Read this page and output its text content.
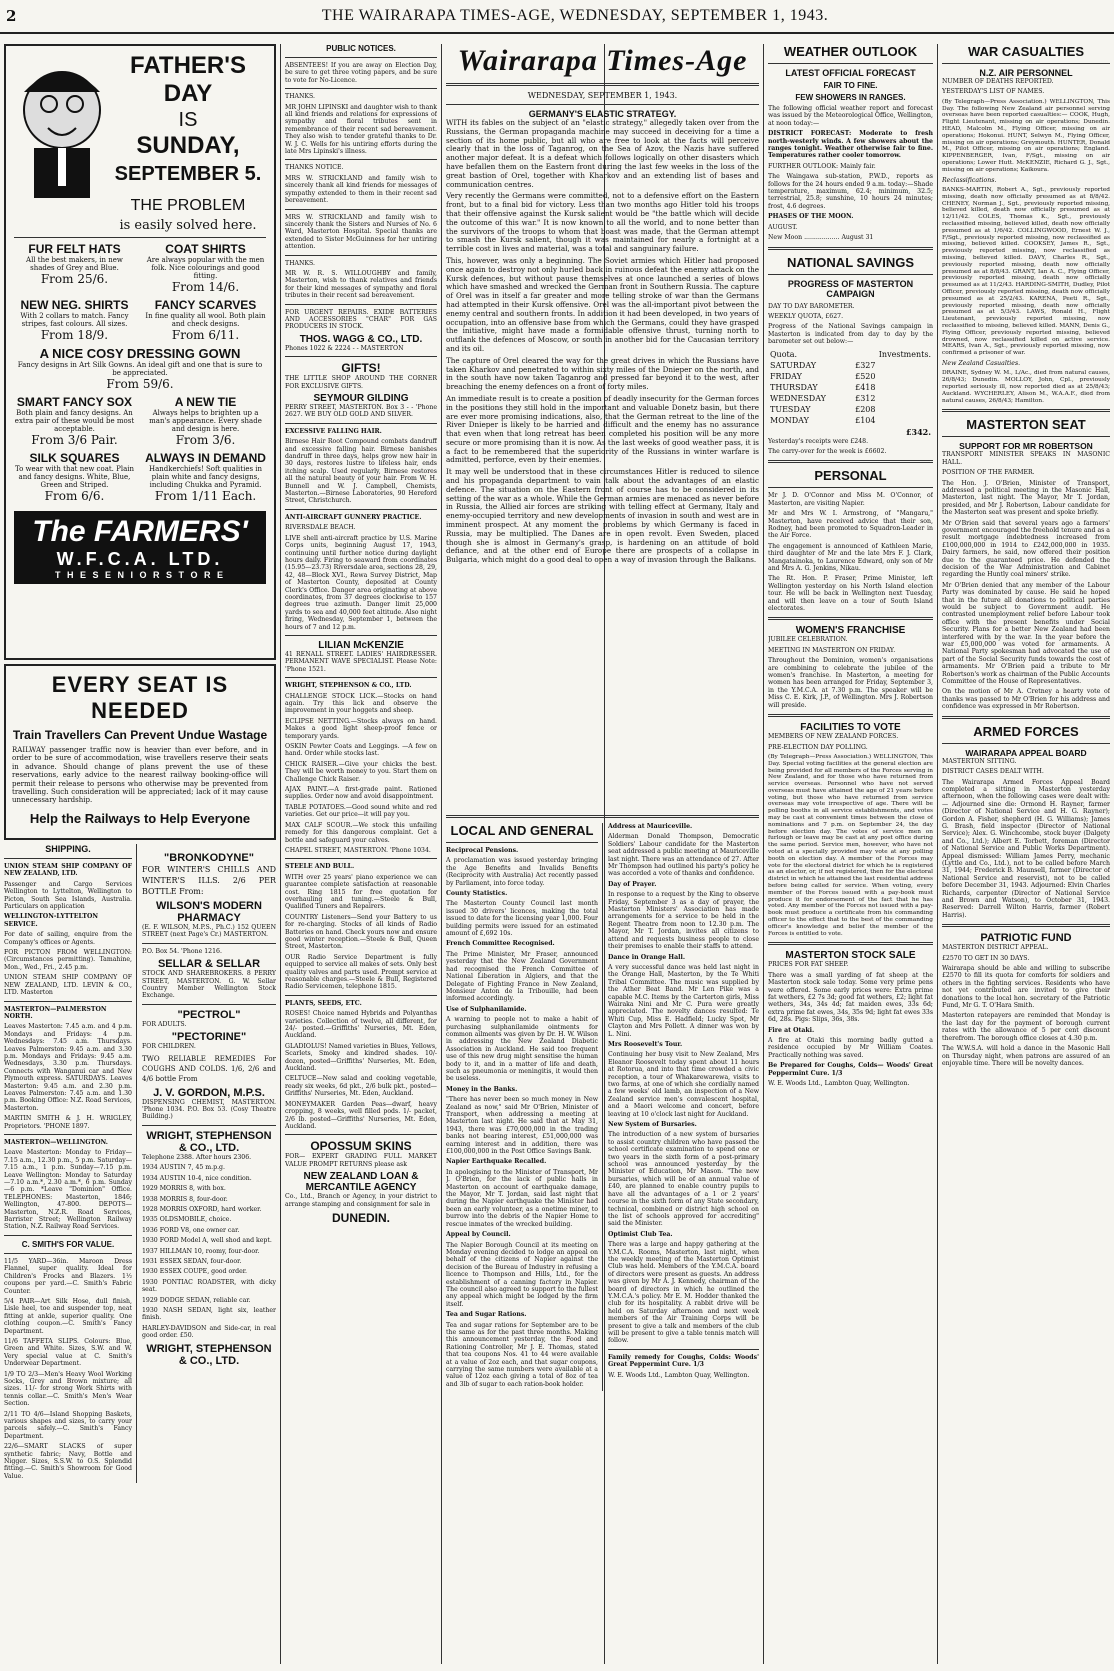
2	THE WAIRARAPA TIMES-AGE, WEDNESDAY, SEPTEMBER 1, 1943.
FATHER'S
DAY
IS
SUNDAY,
SEPTEMBER 5.
THE PROBLEM
is easily solved here.
FUR FELT HATS
All the best makers, in new shades of Grey and Blue.
From 25/6.
COAT SHIRTS
Are always popular with the men folk. Nice colourings and good fitting.
From 14/6.
NEW NEG. SHIRTS
With 2 collars to match. Fancy stripes, fast colours. All sizes.
From 18/9.
FANCY SCARVES
In fine quality all wool. Both plain and check designs.
From 6/11.
A NICE COSY DRESSING GOWN
Fancy designs in Art Silk Gowns. An ideal gift and one that is sure to be appreciated.
From 59/6.
SMART FANCY SOX
Both plain and fancy designs. An extra pair of these would be most acceptable.
From 3/6 Pair.
A NEW TIE
Always helps to brighten up a man's appearance. Every shade and design is here.
From 3/6.
SILK SQUARES
To wear with that new coat. Plain and fancy designs. White, Blue, Green and Striped.
From 6/6.
ALWAYS IN DEMAND
Handkerchiefs! Soft qualities in plain white and fancy designs, including Chukka and Pyramid.
From 1/11 Each.
The FARMERS'
W.F.C.A. LTD.
T H E S E N I O R S T O R E
EVERY SEAT IS NEEDED
Train Travellers Can Prevent Undue Wastage
RAILWAY passenger traffic now is heavier than ever before, and in order to be sure of accommodation, wise travellers reserve their seats in advance. Should change of plans prevent the use of these reservations, early advice to the nearest railway booking-office will permit their release to persons who otherwise may be prevented from travelling. Such consideration will be appreciated; lack of it may cause unnecessary hardship.
Help the Railways to Help Everyone
SHIPPING.

UNION STEAM SHIP COMPANY OF NEW ZEALAND, LTD.

Passenger and Cargo Services Wellington to Lyttelton, Wellington to Picton, South Sea Islands, Australia. Particulars on application

WELLINGTON-LYTTELTON SERVICE.

For date of sailing, enquire from the Company's offices or Agents.

FOR PICTON FROM WELLINGTON: (Circumstances permitting). Tamahine, Mon., Wed., Fri., 2.45 p.m.

UNION STEAM SHIP COMPANY OF NEW ZEALAND, LTD. LEVIN & CO., LTD. Masterton

MASTERTON—PALMERSTON NORTH.

Leaves Masterton: 7.45 a.m. and 4 p.m. Mondays and Fridays: 4 p.m. Wednesdays: 7.45 a.m. Thursdays. Leaves Palmerston: 9.45 a.m. and 3.30 p.m. Mondays and Fridays: 9.45 a.m. Wednesdays, 3.30 p.m. Thursdays. Connects with Wanganui car and New Plymouth express. SATURDAYS. Leaves Masterton: 9.45 a.m. and 2.30 p.m. Leaves Palmerston: 7.45 a.m. and 1.30 p.m. Booking Office: N.Z. Road Services, Masterton.

MARTIN SMITH & J. H. WRIGLEY, Proprietors. 'PHONE 1897.

MASTERTON—WELLINGTON.

Leave Masterton: Monday to Friday—7.15 a.m., 12.30 p.m., 5 p.m. Saturday—7.15 a.m., 1 p.m. Sunday—7.15 p.m. Leave Wellington: Monday to Saturday—7.10 a.m.*, 2.30 a.m.*, 6 p.m. Sunday—6 p.m. *Leave "Dominion" Office. TELEPHONES: Masterton, 1846; Wellington, 47-800. DEPOTS—Masterton, N.Z.R. Road Services, Barrister Street; Wellington Railway Station, N.Z. Railway Road Services.

C. SMITH'S FOR VALUE.

11/5 YARD—36in. Maroon Dress Flannel, super quality. Ideal for Children's Frocks and Blazers. 1½ coupons per yard.—C. Smith's Fabric Counter.

5/4 PAIR—Art Silk Hose, dull finish, Lisle heel, toe and suspender top, neat fitting at ankle, superior quality. One clothing coupon.—C. Smith's Fancy Department.

11/6 TAFFETA SLIPS. Colours: Blue, Green and White. Sizes, S.W. and W. Very special value at C. Smith's Underwear Department.

1/9 TO 2/3—Men's Heavy Wool Working Socks, Grey and Brown mixture; all sizes. 11/- for strong Work Shirts with tennis collar.—C. Smith's Men's Wear Section.

2/11 TO 4/6—Island Shopping Baskets, various shapes and sizes, to carry your parcels safely.—C. Smith's Fancy Department.

22/6—SMART SLACKS of super synthetic fabric; Navy, Bottle and Nigger. Sizes, S.S.W. to O.S. Splendid fitting.—C. Smith's Showroom for Good Value.

"BRONKODYNE"

FOR WINTER'S CHILLS AND WINTER'S ILLS. 2/6 PER BOTTLE From:

WILSON'S MODERN PHARMACY

(E. F. WILSON, M.P.S., Ph.C.) 152 QUEEN STREET (next Page's Cr.) MASTERTON.

P.O. Box 54. 'Phone 1216.

SELLAR & SELLAR

STOCK AND SHAREBROKERS. 8 PERRY STREET, MASTERTON. G. W. Sellar Country Member Wellington Stock Exchange.

"PECTROL"

FOR ADULTS.

"PECTORINE"

FOR CHILDREN.

TWO RELIABLE REMEDIES For COUGHS AND COLDS. 1/6, 2/6 and 4/6 bottle From

J. V. GORDON, M.P.S.

DISPENSING CHEMIST, MASTERTON. 'Phone 1034. P.O. Box 53. (Cosy Theatre Building.)

WRIGHT, STEPHENSON & CO., LTD.

Telephone 2388. After hours 2306.

1934 AUSTIN 7, 45 m.p.g.

1934 AUSTIN 10-4, nice condition.

1929 MORRIS 8, with box.

1938 MORRIS 8, four-door.

1928 MORRIS OXFORD, hard worker.

1935 OLDSMOBILE, choice.

1936 FORD V8, one owner car.

1930 FORD Model A, well shod and kept.

1937 HILLMAN 10, roomy, four-door.

1931 ESSEX SEDAN, four-door.

1930 ESSEX COUPE, good order.

1930 PONTIAC ROADSTER, with dicky seat.

1929 DODGE SEDAN, reliable car.

1930 NASH SEDAN, light six, leather finish.

HARLEY-DAVIDSON and Side-car, in real good order. £50.

WRIGHT, STEPHENSON & CO., LTD.
PUBLIC NOTICES.

ABSENTEES! If you are away on Election Day, be sure to get three voting papers, and be sure to vote for No-Licence.

THANKS.

MR JOHN LIPINSKI and daughter wish to thank all kind friends and relations for expressions of sympathy and floral tributes sent in remembrance of their recent sad bereavement. They also wish to tender grateful thanks to Dr. W. J. C. Wells for his untiring efforts during the late Mrs Lipinski's illness.

THANKS NOTICE.

MRS W. STRICKLAND and family wish to sincerely thank all kind friends for messages of sympathy extended to them in their recent sad bereavement.

MRS W. STRICKLAND and family wish to sincerely thank the Sisters and Nurses of No. 6 Ward, Masterton Hospital. Special thanks are extended to Sister McGuinness for her untiring attention.

THANKS.

MR W. R. S. WILLOUGHBY and family, Masterton, wish to thank relatives and friends for their kind messages of sympathy and floral tributes in their recent sad bereavement.

FOR URGENT REPAIRS. EXIDE BATTERIES AND ACCESSORIES "CHAR" FOR GAS PRODUCERS IN STOCK.

THOS. WAGG & CO., LTD.

Phones 1022 & 2224 - - MASTERTON

GIFTS!

THE LITTLE SHOP AROUND THE CORNER FOR EXCLUSIVE GIFTS.

SEYMOUR GILDING

PERRY STREET, MASTERTON. Box 3 - - 'Phone 2627. WE BUY OLD GOLD AND SILVER.

EXCESSIVE FALLING HAIR.

Birnese Hair Root Compound combats dandruff and excessive falling hair. Birnese banishes dandruff in three days, helps grow new hair in 30 days, restores lustre to lifeless hair, ends itching scalp. Used regularly, Birnese restores all the natural beauty of your hair. From W. H. Bunnell and W. J. Campbell, Chemists, Masterton.—Birnese Laboratories, 90 Hereford Street, Christchurch.

ANTI-AIRCRAFT GUNNERY PRACTICE.

RIVERSDALE BEACH.

LIVE shell anti-aircraft practice by U.S. Marine Corps units, beginning August 17, 1943, continuing until further notice during daylight hours daily. Firing to seaward from coordinates (15.95—23.73) Riversdale area, sections 28, 29, 42, 48—Block XVI., Rewa Survey District, Map of Masterton County, deposited at County Clerk's Office. Danger area originating at above coordinates, from 37 degrees clockwise to 157 degrees true azimuth. Danger limit 25,000 yards to sea and 40,000 feet altitude. Also night firing, Wednesday, September 1, between the hours of 7 and 12 p.m.

LILIAN McKENZIE

41 RENALL STREET. LADIES' HAIRDRESSER. PERMANENT WAVE SPECIALIST. Please Note: 'Phone 1521.

WRIGHT, STEPHENSON & CO., LTD.

CHALLENGE STOCK LICK.—Stocks on hand again. Try this lick and observe the improvement in your hoggets and sheep.

ECLIPSE NETTING.—Stocks always on hand. Makes a good light sheep-proof fence or temporary yards.

OSKIN Pewter Coats and Leggings. —A few on hand. Order while stocks last.

CHICK RAISER.—Give your chicks the best. They will be worth money to you. Start them on Challenge Chick Raiser.

AJAX PAINT.—A first-grade paint. Rationed supplies. Order now and avoid disappointment.

TABLE POTATOES.—Good sound white and red varieties. Get our price—it will pay you.

MAX CALF SCOUR.—We stock this unfailing remedy for this dangerous complaint. Get a bottle and safeguard your calves.

CHAPEL STREET, MASTERTON. 'Phone 1034.

STEELE AND BULL.

WITH over 25 years' piano experience we can guarantee complete satisfaction at reasonable cost. Ring 1815 for free quotation for overhauling and tuning.—Steele & Bull, Qualified Tuners and Repairers.

COUNTRY Listeners—Send your Battery to us for re-charging. Stocks of all kinds of Radio Batteries on hand. Check yours now and ensure good winter reception.—Steele & Bull, Queen Street, Masterton.

OUR Radio Service Department is fully equipped to service all makes of sets. Only best quality valves and parts used. Prompt service at reasonable charges.—Steele & Bull, Registered Radio Servicemen, telephone 1815.

PLANTS, SEEDS, ETC.

ROSES! Choice named Hybrids and Polyanthas varieties. Collection of twelve, all different, for 24/- posted.—Griffiths' Nurseries, Mt. Eden, Auckland.

GLADIOLUS! Named varieties in Blues, Yellows, Scarlets, Smoky and kindred shades. 10/- dozen, posted—Griffiths' Nurseries, Mt. Eden, Auckland.

CELTUCE—New salad and cooking vegetable, ready six weeks, 6d pkt., 2/6 bulk pkt., posted—Griffiths' Nurseries, Mt. Eden, Auckland.

MONEYMAKER Garden Peas—dwarf, heavy cropping, 8 weeks, well filled pods. 1/- packet, 2/6 lb. posted—Griffiths' Nurseries, Mt. Eden, Auckland.

OPOSSUM SKINS

FOR— EXPERT GRADING FULL MARKET VALUE PROMPT RETURNS please ask

NEW ZEALAND LOAN & MERCANTILE AGENCY

Co., Ltd., Branch or Agency, in your district to arrange stamping and consignment for sale in

DUNEDIN.
Wairarapa Times-Age
WEDNESDAY, SEPTEMBER 1, 1943.
GERMANY'S ELASTIC STRATEGY.

WITH its fables on the subject of an "elastic strategy," allegedly taken over from the Russians, the German propaganda machine may succeed in deceiving for a time a section of its home public, but all who are free to look at the facts will perceive clearly that in the loss of Taganrog, on the Sea of Azov, the Nazis have suffered another major defeat. It is a defeat which follows logically on other disasters which have befallen them on the Eastern front during the last few weeks in the loss of the great bastion of Orel, together with Kharkov and an extending list of bases and communication centres.

Very recently the Germans were committed, not to a defensive effort on the Eastern front, but to a final bid for victory. Less than two months ago Hitler told his troops that their offensive against the Kursk salient would be "the battle which will decide the outcome of this war." It is now known to all the world, and to none better than the survivors of the troops to whom that boast was made, that the German attempt to smash the Kursk salient, though it was maintained for nearly a fortnight at a terrible cost in lives and material, was a total and sanguinary failure.

This, however, was only a beginning. The Soviet armies which Hitler had proposed once again to destroy not only hurled back in ruinous defeat the enemy attack on the Kursk defences, but without pause themselves at once launched a series of blows which have smashed and wrecked the German front in Southern Russia. The capture of Orel was in itself a far greater and more telling stroke of war than the Germans had attempted in their Kursk offensive. Orel was the all-important pivot between the enemy central and southern fronts. In addition it had been developed, in two years of occupation, into an offensive base from which the Germans, could they have grasped the initiative, might have made a formidable offensive thrust, turning north to outflank the defences of Moscow, or south in another bid for the Caucasian territory and its oil.

The capture of Orel cleared the way for the great drives in which the Russians have taken Kharkov and penetrated to within sixty miles of the Dnieper on the north, and in the south have now taken Taganrog and pressed far beyond it to the west, after breaching the enemy defences on a front of forty miles.

An immediate result is to create a position of deadly insecurity for the German forces in the positions they still hold in the important and valuable Donetz basin, but there are ever more promising indications, also, that the German retreat to the line of the River Dnieper is likely to be harried and difficult and the enemy has no assurance that even when that long retreat has been completed his position will be any more secure or more promising than it is now. As the last weeks of good weather pass, it is a fact to be remembered that the superiority of the Russians in winter warfare is admitted, perforce, even by their enemies.

It may well be understood that in these circumstances Hitler is reduced to silence and his propaganda department to vain talk about the advantages of an elastic defence. The situation on the Eastern front of course has to be considered in its setting of the war as a whole. While the German armies are menaced as never before in Russia, the Allied air forces are striking with telling effect at Germany, Italy and enemy-occupied territory and new developments of invasion in south and west are in imminent prospect. At any moment the problems by which Germany is faced in Russia, may be multiplied. The Danes are in open revolt. Even Sweden, placed though she is almost in Germany's grasp, is hardening on an attitude of bold defiance, and at the other end of Europe there are prospects of a collapse in Bulgaria, which might do a good deal to open a way of invasion through the Balkans.

LOCAL AND GENERAL

Reciprocal Pensions.

A proclamation was issued yesterday bringing the Age Benefits and Invalids Benefits (Reciprocity with Australia) Act recently passed by Parliament, into force today.

County Statistics.

The Masterton County Council last month issued 30 drivers' licences, making the total issued to date for the licensing year 1,000. Four building permits were issued for an estimated amount of £,692 10s.

French Committee Recognised.

The Prime Minister, Mr Fraser, announced yesterday that the New Zealand Government had recognised the French Committee of National Liberation in Algiers, and that the Delegate of Fighting France in New Zealand, Monsieur Anton de la Tribouille, had been informed accordingly.

Use of Sulphanilamide.

A warning to people not to make a habit of purchasing sulphanilamide ointments for common ailments was given by Dr. H. W. Wilson in addressing the New Zealand Diabetic Association in Auckland. He said too frequent use of this new drug might sensitise the human body to it, and in a matter of life and death, such as pneumonia or meningitis, it would then be useless.

Money in the Banks.

"There has never been so much money in New Zealand as now," said Mr O'Brien, Minister of Transport, when addressing a meeting at Masterton last night. He said that at May 31, 1943, there was £70,000,000 in the trading banks not bearing interest, £51,000,000 was earning interest and in addition, there was £100,000,000 in the Post Office Savings Bank.

Napier Earthquake Recalled.

In apologising to the Minister of Transport, Mr J. O'Brien, for the lack of public halls in Masterton on account of earthquake damage, the Mayor, Mr T. Jordan, said last night that during the Napier earthquake the Minister had been an early volunteer, as a onetime miner, to burrow into the debris of the Napier Home to rescue inmates of the wrecked building.

Appeal by Council.

The Napier Borough Council at its meeting on Monday evening decided to lodge an appeal on behalf of the citizens of Napier against the decision of the Bureau of Industry in refusing a licence to Thompson and Hills, Ltd., for the establishment of a canning factory in Napier. The council also agreed to support to the fullest any appeal which might be lodged by the firm itself.

Tea and Sugar Rations.

Tea and sugar rations for September are to be the same as for the past three months. Making this announcement yesterday, the Food and Rationing Controller, Mr J. E. Thomas, stated that tea coupons Nos. 41 to 44 were available at a value of 2oz each, and that sugar coupons, carrying the same numbers were available at a value of 12oz each giving a total of 8oz of tea and 3lb of sugar to each ration-book holder.

Address at Mauriceville.

Alderman Donald Thompson, Democratic Soldiers' Labour candidate for the Masterton seat addressed a public meeting at Mauriceville last night. There was an attendance of 27. After Mr Thompson had outlined his party's policy he was accorded a vote of thanks and confidence.

Day of Prayer.

In response to a request by the King to observe Friday, September 3 as a day of prayer, the Masterton Ministers' Association has made arrangements for a service to be held in the Regent Theatre from noon to 12.30 p.m. The Mayor, Mr T. Jordan, invites all citizens to attend and requests business people to close their premises to enable their staffs to attend.

Dance in Orange Hall.

A very successful dance was held last night in the Orange Hall, Masterton, by the Te Whiti Tribal Committee. The music was supplied by the Ather Beat Band. Mr Len Pike was a capable M.C. Items by the Carterton girls, Miss Wairaka Nini and Mr C. Pura were greatly appreciated. The novelty dances resulted: Te Whiti Cup, Miss E. Hadfield; Lucky Spot, Mr Clayton and Mrs Pollett. A dinner was won by L. Nini.

Mrs Roosevelt's Tour.

Continuing her busy visit to New Zealand, Mrs Eleanor Roosevelt today spent about 11 hours at Rotorua, and into that time crowded a civic reception, a tour of Whakarewarewa, visits to two farms, at one of which she cordially named a few weeks' old lamb, an inspection of a New Zealand service men's convalescent hospital, and a Maori welcome and concert, before leaving at 10 o'clock last night for Auckland.

New System of Bursaries.

The introduction of a new system of bursaries to assist country children who have passed the school certificate examination to spend one or two years in the sixth form of a post-primary school was announced yesterday by the Minister of Education, Mr Mason. "The new bursaries, which will be of an annual value of £40, are planned to enable country pupils to have all the advantages of a 1 or 2 years' course in the sixth form of any State secondary, technical, combined or district high school on the list of schools approved for accrediting" said the Minister.

Optimist Club Tea.

There was a large and happy gathering at the Y.M.C.A. Rooms, Masterton, last night, when the weekly meeting of the Masterton Optimist Club was held. Members of the Y.M.C.A. board of directors were present as guests. An address was given by Mr A. J. Kennedy, chairman of the board of directors in which he outlined the Y.M.C.A.'s policy. Mr E. M. Hodder thanked the club for its hospitality. A rabbit drive will be held on Saturday afternoon and next week members of the Air Training Corps will be present to give a talk and members of the club will be present to give a table tennis match will follow.

Family remedy for Coughs, Colds: Woods' Great Peppermint Cure. 1/3

W. E. Woods Ltd., Lambton Quay, Wellington.

WEATHER OUTLOOK
LATEST OFFICIAL FORECAST
FAIR TO FINE.
FEW SHOWERS IN RANGES.

The following official weather report and forecast was issued by the Meteorological Office, Wellington, at noon today:—

DISTRICT FORECAST: Moderate to fresh north-westerly winds. A few showers about the ranges tonight. Weather otherwise fair to fine. Temperatures rather cooler tomorrow.

FURTHER OUTLOOK: Mainly fair.

The Waingawa sub-station, P.W.D., reports as follows for the 24 hours ended 9 a.m. today:—Shade temperature, maximum, 62.4; minimum, 32.5; terrestrial, 25.8; sunshine, 10 hours 24 minutes; frost, 4.6 degrees.

PHASES OF THE MOON.

AUGUST.

New Moon .................. August 31

NATIONAL SAVINGS
PROGRESS OF MASTERTON CAMPAIGN

DAY TO DAY BAROMETER.

WEEKLY QUOTA, £627.

Progress of the National Savings campaign in Masterton is indicated from day to day by the barometer set out below:—

Quota.	Investments.
SATURDAY	£327
FRIDAY	£520
THURSDAY	£418
WEDNESDAY	£312
TUESDAY	£208
MONDAY	£104
	£342.

Yesterday's receipts were £248.

The carry-over for the week is £6602.

PERSONAL

Mr J. D. O'Connor and Miss M. O'Connor, of Masterton, are visiting Napier.

Mr and Mrs W. I. Armstrong, of "Mangaru," Masterton, have received advice that their son, Rodney, had been promoted to Squadron-Leader in the Air Force.

The engagement is announced of Kathleen Marie, third daughter of Mr and the late Mrs F. J. Clark, Mangatainoka, to Laurence Edward, only son of Mr and Mrs A. G. Jenkins, Nikau.

The Rt. Hon. P. Fraser, Prime Minister, left Wellington yesterday on his North Island election tour. He will be back in Wellington next Tuesday, and will then leave on a tour of South Island electorates.

WOMEN'S FRANCHISE

JUBILEE CELEBRATION.

MEETING IN MASTERTON ON FRIDAY.

Throughout the Dominion, women's organisations are combining to celebrate the jubilee of the women's franchise. In Masterton, a meeting for women has been arranged for Friday, September 3, in the Y.M.C.A. at 7.30 p.m. The speaker will be Miss C. E. Kirk, J.P., of Wellington. Mrs J. Robertson will preside.

FACILITIES TO VOTE

MEMBERS OF NEW ZEALAND FORCES.

PRE-ELECTION DAY POLLING.

(By Telegraph—Press Association.) WELLINGTON, This Day. Special voting facilities at the general election are being provided for all members of the Forces serving in New Zealand, and for those who have returned from service overseas. Personnel who have not served overseas must have attained the age of 21 years before voting, but those who have returned from service overseas may vote irrespective of age. There will be polling booths in all service establishments, and votes may be cast at convenient times between the close of nominations and 7 p.m. on September 24, the day before election day. The votes of service men on furlough or leave may be cast at any post office during the same period. Service men, however, who have not voted at a specially provided may vote at any polling booth on election day. A member of the Forces may vote for the electoral district for which he is registered as an elector, or, if not registered, then for the electoral district in which he attained the last residential address before being called for service. When voting, every member of the Forces issued with a pay-book must produce it for endorsement of the fact that he has voted. Any member of the Forces not issued with a pay-book must produce a certificate from his commanding officer to the effect that to the best of the commanding officer's knowledge and belief the member of the Forces is entitled to vote.

MASTERTON STOCK SALE

PRICES FOR FAT SHEEP.

There was a small yarding of fat sheep at the Masterton stock sale today. Some very prime pens were offered. Some early prices were: Extra prime fat wethers, £2 7s 3d; good fat wethers, £2; light fat wethers, 34s, 34s 4d; fat maiden ewes, 33s 6d; extra prime fat ewes, 34s, 35s 9d; light fat ewes 33s 6d, 28s. Pigs: Slips, 36s, 38s.

Fire at Otaki.

A fire at Otaki this morning badly gutted a residence occupied by Mr William Coates. Practically nothing was saved.

Be Prepared for Coughs, Colds— Woods' Great Peppermint Cure. 1/3

W. E. Woods Ltd., Lambton Quay, Wellington.

WAR CASUALTIES
N.Z. AIR PERSONNEL

NUMBER OF DEATHS REPORTED.

YESTERDAY'S LIST OF NAMES.

(By Telegraph—Press Association.) WELLINGTON, This Day. The following New Zealand air personnel serving overseas have been reported casualties:— COOK, Hugh, Flight Lieutenant, missing on air operations; Dunedin. HEAD, Malcolm M., Flying Officer, missing on air operations; Hokonui. HUNT, Selwyn M., Flying Officer, missing on air operations; Greymouth. HUNTER, Donald M., Pilot Officer, missing on air operations; England. KIPPENBERGER, Ivan, F/Sgt., missing on air operations; Lower Hutt. McKENZIE, Richard G. J., Sgt., missing on air operations; Kaikoura.

Reclassifications.

BANKS-MARTIN, Robert A., Sgt., previously reported missing, death now officially presumed as at 8/8/42. CHENEY, Norman J., Sgt., previously reported missing, believed killed, death now officially presumed as at 12/11/42. COLES, Thomas K., Sgt., previously reclassified missing, believed killed, death now officially presumed as at 1/6/42. COLLINGWOOD, Ernest W. J., F/Sgt., previously reported missing, now reclassified as missing, believed killed. COOKSEY, James R., Sgt., previously reported missing, now reclassified as missing, believed killed. DAVY, Charles R., Sgt., previously reported missing, death now officially presumed as at 8/8/43. GRANT, Ian A. C., Flying Officer, previously reported missing, death now officially presumed as at 11/2/43. HARDING-SMITH, Dudley, Pilot Officer, previously reported missing, death now officially presumed as at 25/2/43. KARENA, Peeti R., Sgt., previously reported missing, death now officially presumed as at 5/3/43. LAWS, Ronald H., Flight Lieutenant, previously reported missing, now reclassified to missing, believed killed. MANN, Denis G., Flying Officer, previously reported missing, believed drowned, now reclassified killed on active service. MEARS, Ivan A., Sgt., previously reported missing, now confirmed a prisoner of war.

New Zealand Casualties.

DRAINE, Sydney W. M., L/Ac., died from natural causes, 26/8/43; Dunedin. MOLLOY, John, Cpl., previously reported seriously ill, now reported died as at 25/8/43; Auckland. WYCHERLEY, Alison M., W.A.A.F., died from natural causes, 26/8/43; Hamilton.

MASTERTON SEAT
SUPPORT FOR MR ROBERTSON

TRANSPORT MINISTER SPEAKS IN MASONIC HALL.

POSITION OF THE FARMER.

The Hon. J. O'Brien, Minister of Transport, addressed a political meeting in the Masonic Hall, Masterton, last night. The Mayor, Mr T. Jordan, presided, and Mr J. Robertson, Labour candidate for the Masterton seat was present and spoke briefly.

Mr O'Brien said that several years ago a farmers' government encouraged the freehold tenure and as a result mortgage indebtedness increased from £100,000,000 in 1914 to £242,000,000 in 1935. Dairy farmers, he said, now offered their position due to the guaranteed price. He defended the decision of the War Administration and Cabinet regarding the Huntly coal miners' strike.

Mr O'Brien denied that any member of the Labour Party was dominated by cause. He said he hoped that in the future all donations to political parties would be subject to Government audit. He contrasted unemployment relief before Labour took office with the present benefits under Social Security. Plans for a better New Zealand had been interfered with by the war. In the year before the war £5,000,000 was voted for armaments. A National Party spokesman had advocated the use of part of the Social Security funds towards the cost of armaments. Mr O'Brien paid a tribute to Mr Robertson's work as chairman of the Public Accounts Committee of the House of Representatives.

On the motion of Mr A. Cretney a hearty vote of thanks was passed to Mr O'Brien for his address and confidence was expressed in Mr Robertson.

ARMED FORCES
WAIRARAPA APPEAL BOARD

MASTERTON SITTING.

DISTRICT CASES DEALT WITH.

The Wairarapa Armed Forces Appeal Board completed a sitting in Masterton yesterday afternoon, when the following cases were dealt with:— Adjourned sine die: Ormond H. Rayner, farmer (Director of National Service and H. G. Rayner); Gordon A. Fisher, shepherd (H. G. Williams); James G. Brash, field inspector (Director of National Service); Alex. G. Winchcombe, stock buyer (Dalgety and Co., Ltd.); Albert E. Torbett, foreman (Director of National Service and Public Works Department). Appeal dismissed: William James Perry, mechanic (Lyttle and Co., Ltd.), not to be called before March 31, 1944; Frederick B. Maunsell, farmer (Director of National Service and reservist), not to be called before December 31, 1943. Adjourned: Elvin Charles Richards, carpenter (Director of National Service and Brown and Watson), to October 31, 1943. Reserved: Darrell Wilton Harris, farmer (Robert Harris).

PATRIOTIC FUND

MASTERTON DISTRICT APPEAL.

£2570 TO GET IN 30 DAYS.

Wairarapa should be able and willing to subscribe £2570 to fill its quota for comforts for soldiers and others in the fighting services. Residents who have not yet contributed are invited to give their donations to the local hon. secretary of the Patriotic Fund, Mr G. T. O'Hara Smith.

Masterton ratepayers are reminded that Monday is the last day for the payment of borough current rates with the allowance of 5 per cent discount therefrom. The borough office closes at 4.30 p.m.

The W.W.S.A. will hold a dance in the Masonic Hall on Thursday night, when patrons are assured of an enjoyable time. There will be novelty dances.
